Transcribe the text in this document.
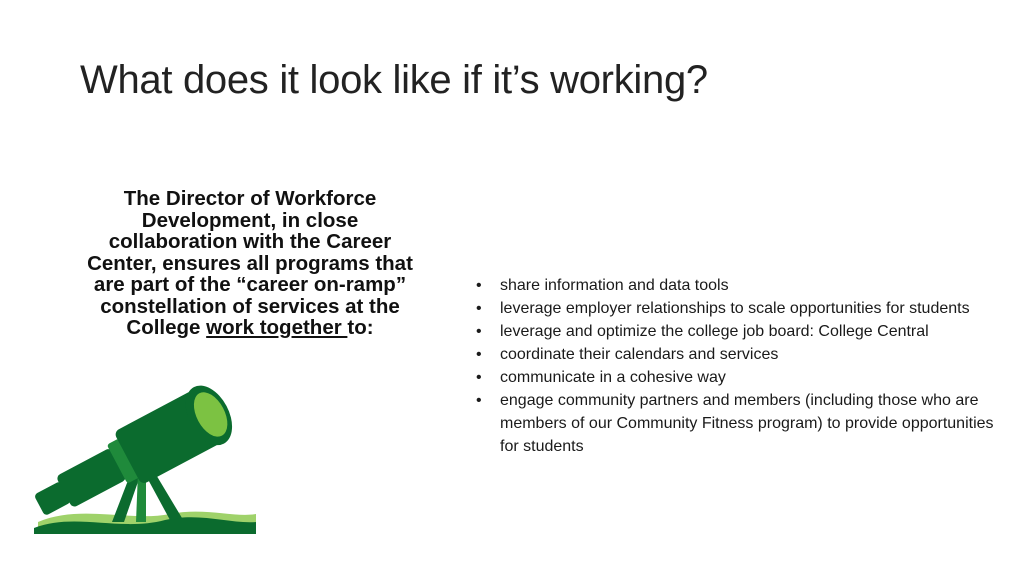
What does it look like if it’s working?
The Director of Workforce Development, in close collaboration with the Career Center, ensures all programs that are part of the “career on-ramp” constellation of services at the College work together to:
• share information and data tools
• leverage employer relationships to scale opportunities for students
• leverage and optimize the college job board: College Central
• coordinate their calendars and services
• communicate in a cohesive way
• engage community partners and members (including those who are members of our Community Fitness program) to provide opportunities for students
